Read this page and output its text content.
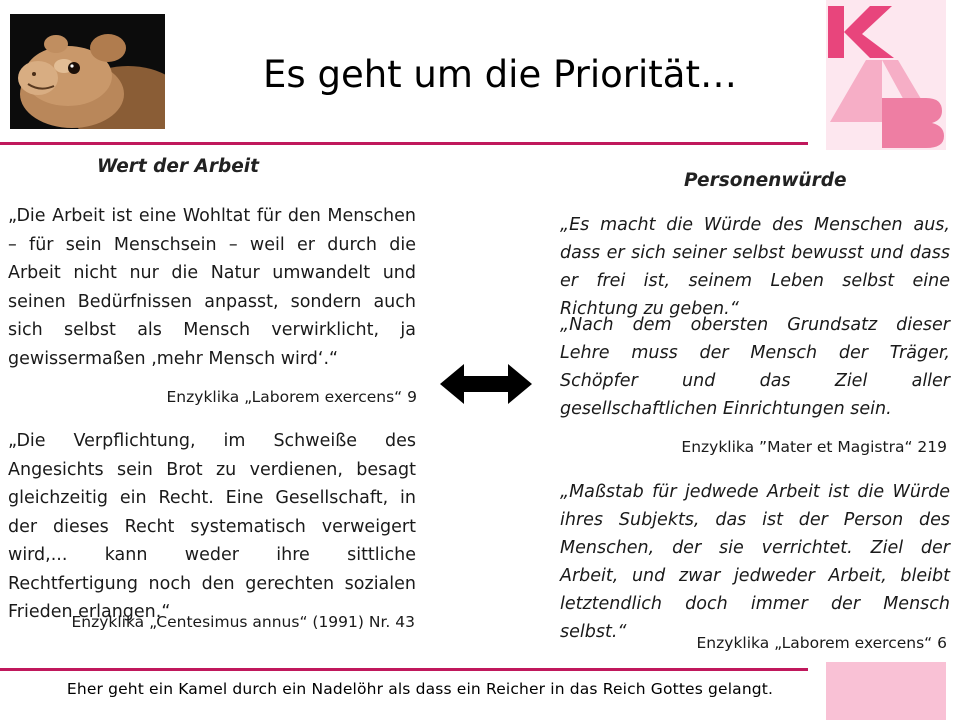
Es geht um die Priorität…
Wert der Arbeit
„Die Arbeit ist eine Wohltat für den Menschen – für sein Menschsein – weil er durch die Arbeit nicht nur die Natur umwandelt und seinen Bedürfnissen anpasst, sondern auch sich selbst als Mensch verwirklicht, ja gewissermaßen ‚mehr Mensch wird‘.“
Enzyklika „Laborem exercens“ 9
„Die Verpflichtung, im Schweiße des Angesichts sein Brot zu verdienen, besagt gleichzeitig ein Recht. Eine Gesellschaft, in der dieses Recht systematisch verweigert wird,... kann weder ihre sittliche Rechtfertigung noch den gerechten sozialen Frieden erlangen.“
Enzyklika „Centesimus annus“ (1991) Nr. 43
Personenwürde
„Es macht die Würde des Menschen aus, dass er sich seiner selbst bewusst und dass er frei ist, seinem Leben selbst eine Richtung zu geben.“
„Nach dem obersten Grundsatz dieser Lehre muss der Mensch der Träger, Schöpfer und das Ziel aller gesellschaftlichen Einrichtungen sein.
Enzyklika ”Mater et Magistra“ 219
„Maßstab für jedwede Arbeit ist die Würde ihres Subjekts, das ist der Person des Menschen, der sie verrichtet. Ziel der Arbeit, und zwar jedweder Arbeit, bleibt letztendlich doch immer der Mensch selbst.“
Enzyklika „Laborem exercens“ 6
Eher geht ein Kamel durch ein Nadelöhr als dass ein Reicher in das Reich Gottes gelangt.
